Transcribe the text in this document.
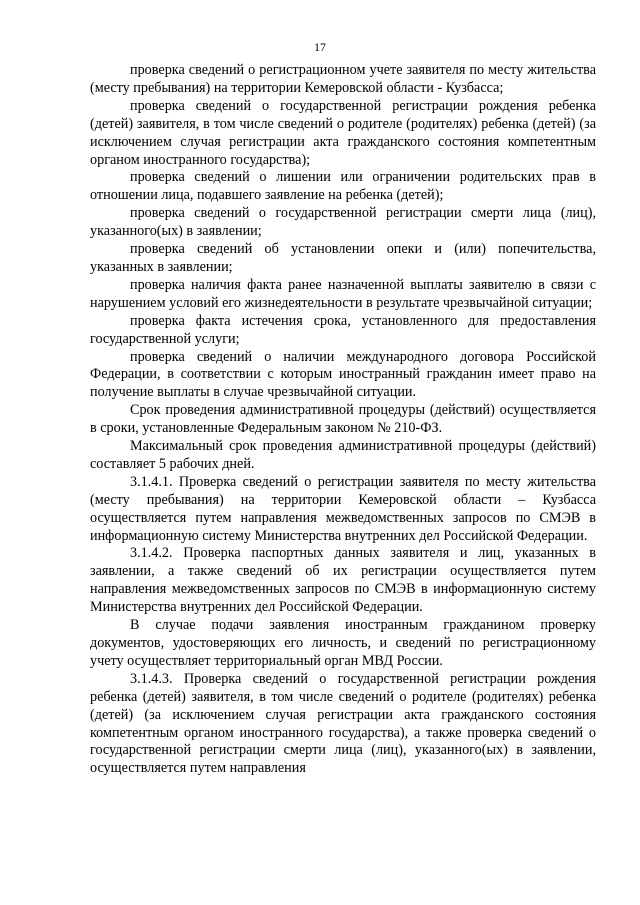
17

проверка сведений о регистрационном учете заявителя по месту жительства (месту пребывания) на территории Кемеровской области - Кузбасса;

проверка сведений о государственной регистрации рождения ребенка (детей) заявителя, в том числе сведений о родителе (родителях) ребенка (детей) (за исключением случая регистрации акта гражданского состояния компетентным органом иностранного государства);

проверка сведений о лишении или ограничении родительских прав в отношении лица, подавшего заявление на ребенка (детей);

проверка сведений о государственной регистрации смерти лица (лиц), указанного(ых) в заявлении;

проверка сведений об установлении опеки и (или) попечительства, указанных в заявлении;

проверка наличия факта ранее назначенной выплаты заявителю в связи с нарушением условий его жизнедеятельности в результате чрезвычайной ситуации;

проверка факта истечения срока, установленного для предоставления государственной услуги;

проверка сведений о наличии международного договора Российской Федерации, в соответствии с которым иностранный гражданин имеет право на получение выплаты в случае чрезвычайной ситуации.

Срок проведения административной процедуры (действий) осуществляется в сроки, установленные Федеральным законом № 210-ФЗ.

Максимальный срок проведения административной процедуры (действий) составляет 5 рабочих дней.

3.1.4.1. Проверка сведений о регистрации заявителя по месту жительства (месту пребывания) на территории Кемеровской области – Кузбасса осуществляется путем направления межведомственных запросов по СМЭВ в информационную систему Министерства внутренних дел Российской Федерации.

3.1.4.2. Проверка паспортных данных заявителя и лиц, указанных в заявлении, а также сведений об их регистрации осуществляется путем направления межведомственных запросов по СМЭВ в информационную систему Министерства внутренних дел Российской Федерации.

В случае подачи заявления иностранным гражданином проверку документов, удостоверяющих его личность, и сведений по регистрационному учету осуществляет территориальный орган МВД России.

3.1.4.3. Проверка сведений о государственной регистрации рождения ребенка (детей) заявителя, в том числе сведений о родителе (родителях) ребенка (детей) (за исключением случая регистрации акта гражданского состояния компетентным органом иностранного государства), а также проверка сведений о государственной регистрации смерти лица (лиц), указанного(ых) в заявлении, осуществляется путем направления
